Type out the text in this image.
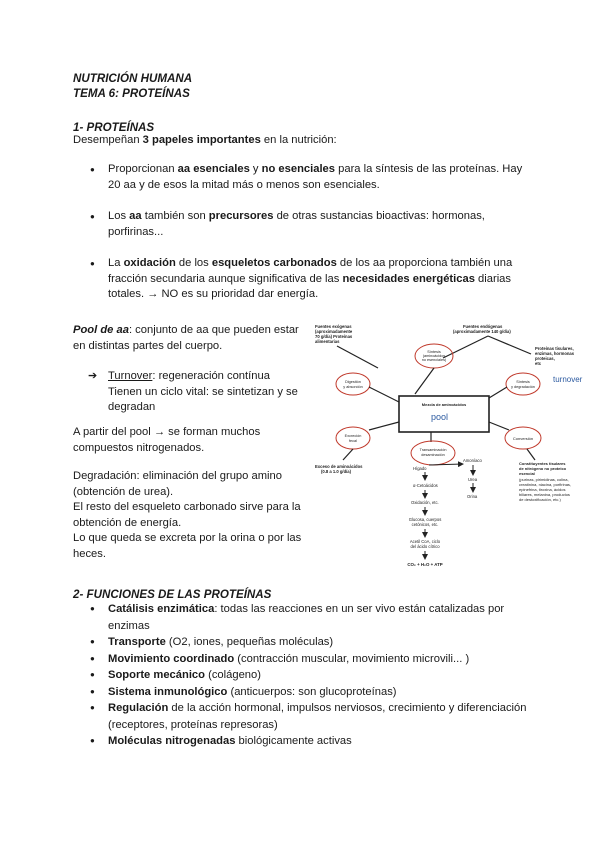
NUTRICIÓN HUMANA
TEMA 6: PROTEÍNAS
1- PROTEÍNAS
Desempeñan 3 papeles importantes en la nutrición:
● Proporcionan aa esenciales y no esenciales para la síntesis de las proteínas. Hay 20 aa y de esos la mitad más o menos son esenciales.
● Los aa también son precursores de otras sustancias bioactivas: hormonas, porfirinas...
● La oxidación de los esqueletos carbonados de los aa proporciona también una fracción secundaria aunque significativa de las necesidades energéticas diarias totales. → NO es su prioridad dar energía.
Pool de aa: conjunto de aa que pueden estar en distintas partes del cuerpo.
➔ Turnover: regeneración contínua
Tienen un ciclo vital: se sintetizan y se degradan
A partir del pool → se forman muchos compuestos nitrogenados.
Degradación: eliminación del grupo amino (obtención de urea).
El resto del esqueleto carbonado sirve para la obtención de energía.
Lo que queda se excreta por la orina o por las heces.
Fuentes exógenas
(aproximadamente
70 g/día) Proteínas
alimentarias
Fuentes endógenas
(aproximadamente 140 g/día)
Proteínas tisulares,
enzimas, hormonas
proteicas,
etc
Síntesis
(aminoácidos
no esenciales)
Digestión
y absorción
Síntesis
y degradación
turnover
Mezcla de aminoácidos
pool
Excreción
fecal
Transaminación
desaminación
Conversión
Exceso de aminoácidos
(0.8 a 1.0 g/día)
Constituyentes tisulares
de nitrógeno no proteico
esencial
(purinas, pirimidinas, colina,
creatinina, niacina, porfirinas,
epinefrina, tiroxina, ácidos
biliares, melanina, productos
de destoxificación, etc.)
Hígado
Amoníaco
Urea
Orina
α-Cetoácidos
Oxidación, etc.
Glucosa, cuerpos
cetónicos, etc.
Acetil CoA, ciclo
del ácido cítrico
CO₂ + H₂O + ATP
2- FUNCIONES DE LAS PROTEÍNAS
● Catálisis enzimática: todas las reacciones en un ser vivo están catalizadas por enzimas
● Transporte (O2, iones, pequeñas moléculas)
● Movimiento coordinado (contracción muscular, movimiento microvili... )
● Soporte mecánico (colágeno)
● Sistema inmunológico (anticuerpos: son glucoproteínas)
● Regulación de la acción hormonal, impulsos nerviosos, crecimiento y diferenciación (receptores, proteínas represoras)
● Moléculas nitrogenadas biológicamente activas
